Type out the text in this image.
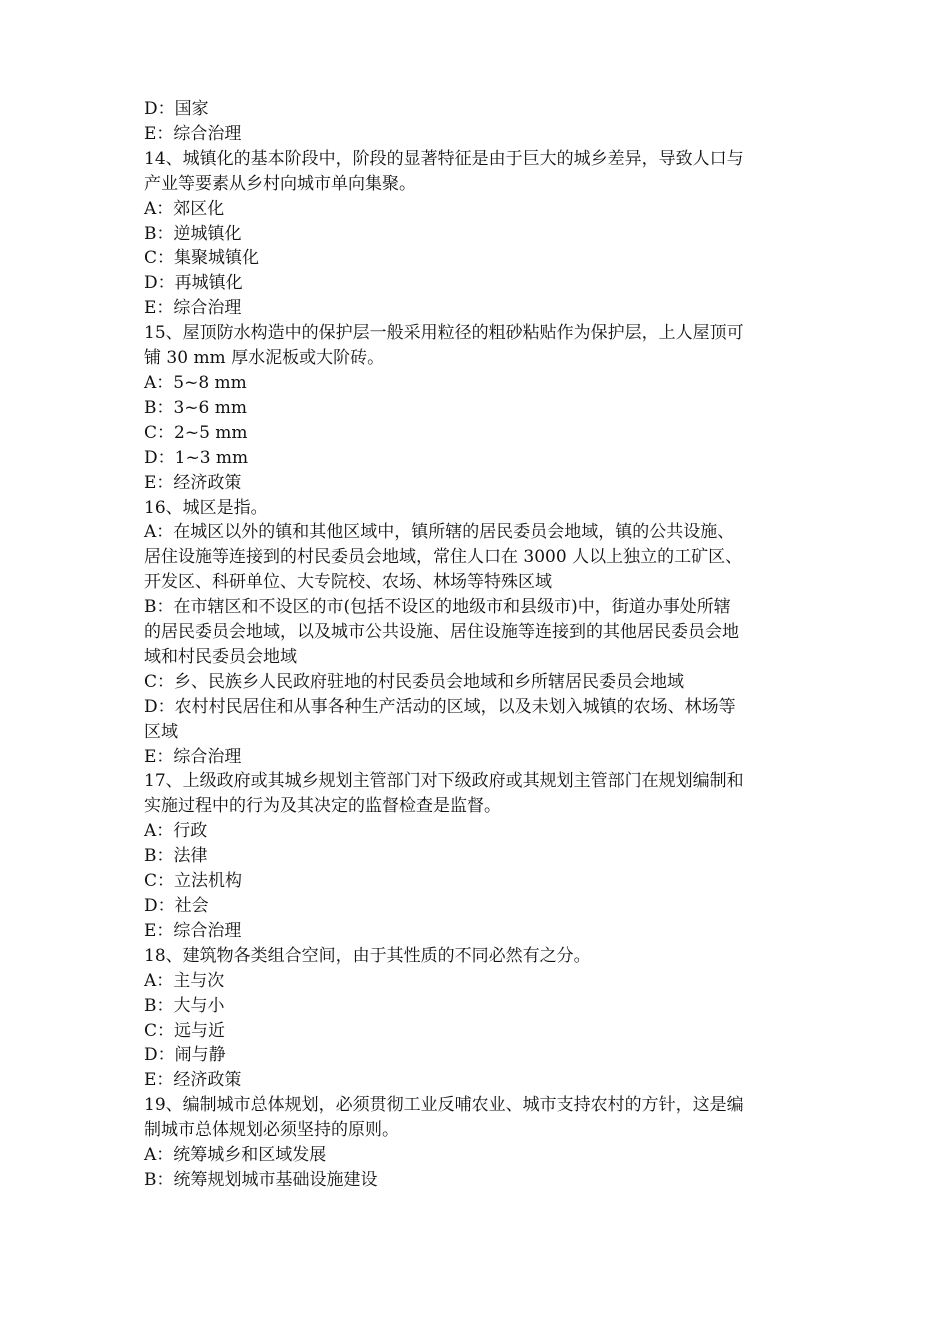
D：国家
E：综合治理
14、城镇化的基本阶段中，阶段的显著特征是由于巨大的城乡差异，导致人口与
产业等要素从乡村向城市单向集聚。
A：郊区化
B：逆城镇化
C：集聚城镇化
D：再城镇化
E：综合治理
15、屋顶防水构造中的保护层一般采用粒径的粗砂粘贴作为保护层，上人屋顶可
铺 30 mm 厚水泥板或大阶砖。
A：5~8 mm
B：3~6 mm
C：2~5 mm
D：1~3 mm
E：经济政策
16、城区是指。
A：在城区以外的镇和其他区域中，镇所辖的居民委员会地域，镇的公共设施、
居住设施等连接到的村民委员会地域，常住人口在 3000 人以上独立的工矿区、
开发区、科研单位、大专院校、农场、林场等特殊区域
B：在市辖区和不设区的市(包括不设区的地级市和县级市)中，街道办事处所辖
的居民委员会地域，以及城市公共设施、居住设施等连接到的其他居民委员会地
域和村民委员会地域
C：乡、民族乡人民政府驻地的村民委员会地域和乡所辖居民委员会地域
D：农村村民居住和从事各种生产活动的区域，以及未划入城镇的农场、林场等
区域
E：综合治理
17、上级政府或其城乡规划主管部门对下级政府或其规划主管部门在规划编制和
实施过程中的行为及其决定的监督检查是监督。
A：行政
B：法律
C：立法机构
D：社会
E：综合治理
18、建筑物各类组合空间，由于其性质的不同必然有之分。
A：主与次
B：大与小
C：远与近
D：闹与静
E：经济政策
19、编制城市总体规划，必须贯彻工业反哺农业、城市支持农村的方针，这是编
制城市总体规划必须坚持的原则。
A：统筹城乡和区域发展
B：统筹规划城市基础设施建设
